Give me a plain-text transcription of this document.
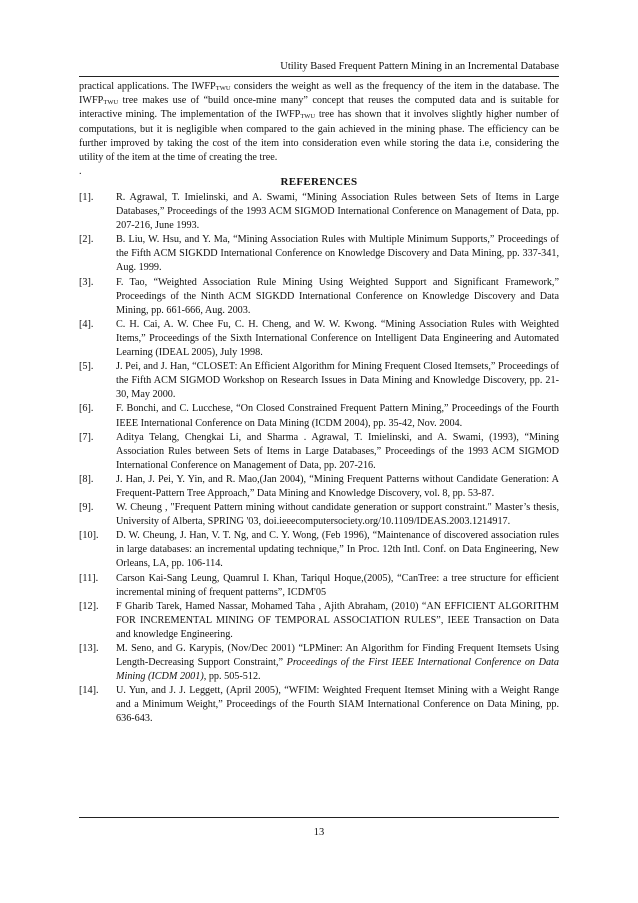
Utility Based Frequent Pattern Mining in an Incremental Database

practical applications. The $IWFP_{TWU}$ considers the weight as well as the frequency of the item in the database. The $IWFP_{TWU}$ tree makes use of “build once-mine many” concept that reuses the computed data and is suitable for interactive mining. The implementation of the $IWFP_{TWU}$ tree has shown that it involves slightly higher number of computations, but it is negligible when compared to the gain achieved in the mining phase. The efficiency can be further improved by taking the cost of the item into consideration even while storing the data i.e, considering the utility of the item at the time of creating the tree.

.

REFERENCES
[1].	R. Agrawal, T. Imielinski, and A. Swami, “Mining Association Rules between Sets of Items in Large Databases,” Proceedings of the 1993 ACM SIGMOD International Conference on Management of Data, pp. 207-216, June 1993.
[2].	B. Liu, W. Hsu, and Y. Ma, “Mining Association Rules with Multiple Minimum Supports,” Proceedings of the Fifth ACM SIGKDD International Conference on Knowledge Discovery and Data Mining, pp. 337-341, Aug. 1999.
[3].	F. Tao, “Weighted Association Rule Mining Using Weighted Support and Significant Framework,” Proceedings of the Ninth ACM SIGKDD International Conference on Knowledge Discovery and Data Mining, pp. 661-666, Aug. 2003.
[4].	C. H. Cai, A. W. Chee Fu, C. H. Cheng, and W. W. Kwong. “Mining Association Rules with Weighted Items,” Proceedings of the Sixth International Conference on Intelligent Data Engineering and Automated Learning (IDEAL 2005), July 1998.
[5].	J. Pei, and J. Han, “CLOSET: An Efficient Algorithm for Mining Frequent Closed Itemsets,” Proceedings of the Fifth ACM SIGMOD Workshop on Research Issues in Data Mining and Knowledge Discovery, pp. 21-30, May 2000.
[6].	F. Bonchi, and C. Lucchese, “On Closed Constrained Frequent Pattern Mining,” Proceedings of the Fourth IEEE International Conference on Data Mining (ICDM 2004), pp. 35-42, Nov. 2004.
[7].	Aditya Telang, Chengkai Li, and Sharma . Agrawal, T. Imielinski, and A. Swami, (1993), “Mining Association Rules between Sets of Items in Large Databases,” Proceedings of the 1993 ACM SIGMOD International Conference on Management of Data, pp. 207-216.
[8].	J. Han, J. Pei, Y. Yin, and R. Mao,(Jan 2004), “Mining Frequent Patterns without Candidate Generation: A Frequent-Pattern Tree Approach,” Data Mining and Knowledge Discovery, vol. 8, pp. 53-87.
[9].	W. Cheung , "Frequent Pattern mining without candidate generation or support constraint." Master’s thesis, University of Alberta, SPRING '03, doi.ieeecomputersociety.org/10.1109/IDEAS.2003.1214917.
[10].	D. W. Cheung, J. Han, V. T. Ng, and C. Y. Wong, (Feb 1996), “Maintenance of discovered association rules in large databases: an incremental updating technique,” In Proc. 12th Intl. Conf. on Data Engineering, New Orleans, LA, pp. 106-114.
[11].	Carson Kai-Sang Leung, Quamrul I. Khan, Tariqul Hoque,(2005), “CanTree: a tree structure for efficient incremental mining of frequent patterns”, ICDM'05
[12].	F Gharib Tarek, Hamed Nassar, Mohamed Taha , Ajith Abraham, (2010) “AN EFFICIENT ALGORITHM FOR INCREMENTAL MINING OF TEMPORAL ASSOCIATION RULES”, IEEE Transaction on Data and knowledge Engineering.
[13].	M. Seno, and G. Karypis, (Nov/Dec 2001) “LPMiner: An Algorithm for Finding Frequent Itemsets Using Length-Decreasing Support Constraint,” Proceedings of the First IEEE International Conference on Data Mining (ICDM 2001), pp. 505-512.
[14].	U. Yun, and J. J. Leggett, (April 2005), “WFIM: Weighted Frequent Itemset Mining with a Weight Range and a Minimum Weight,” Proceedings of the Fourth SIAM International Conference on Data Mining, pp. 636-643.
13
